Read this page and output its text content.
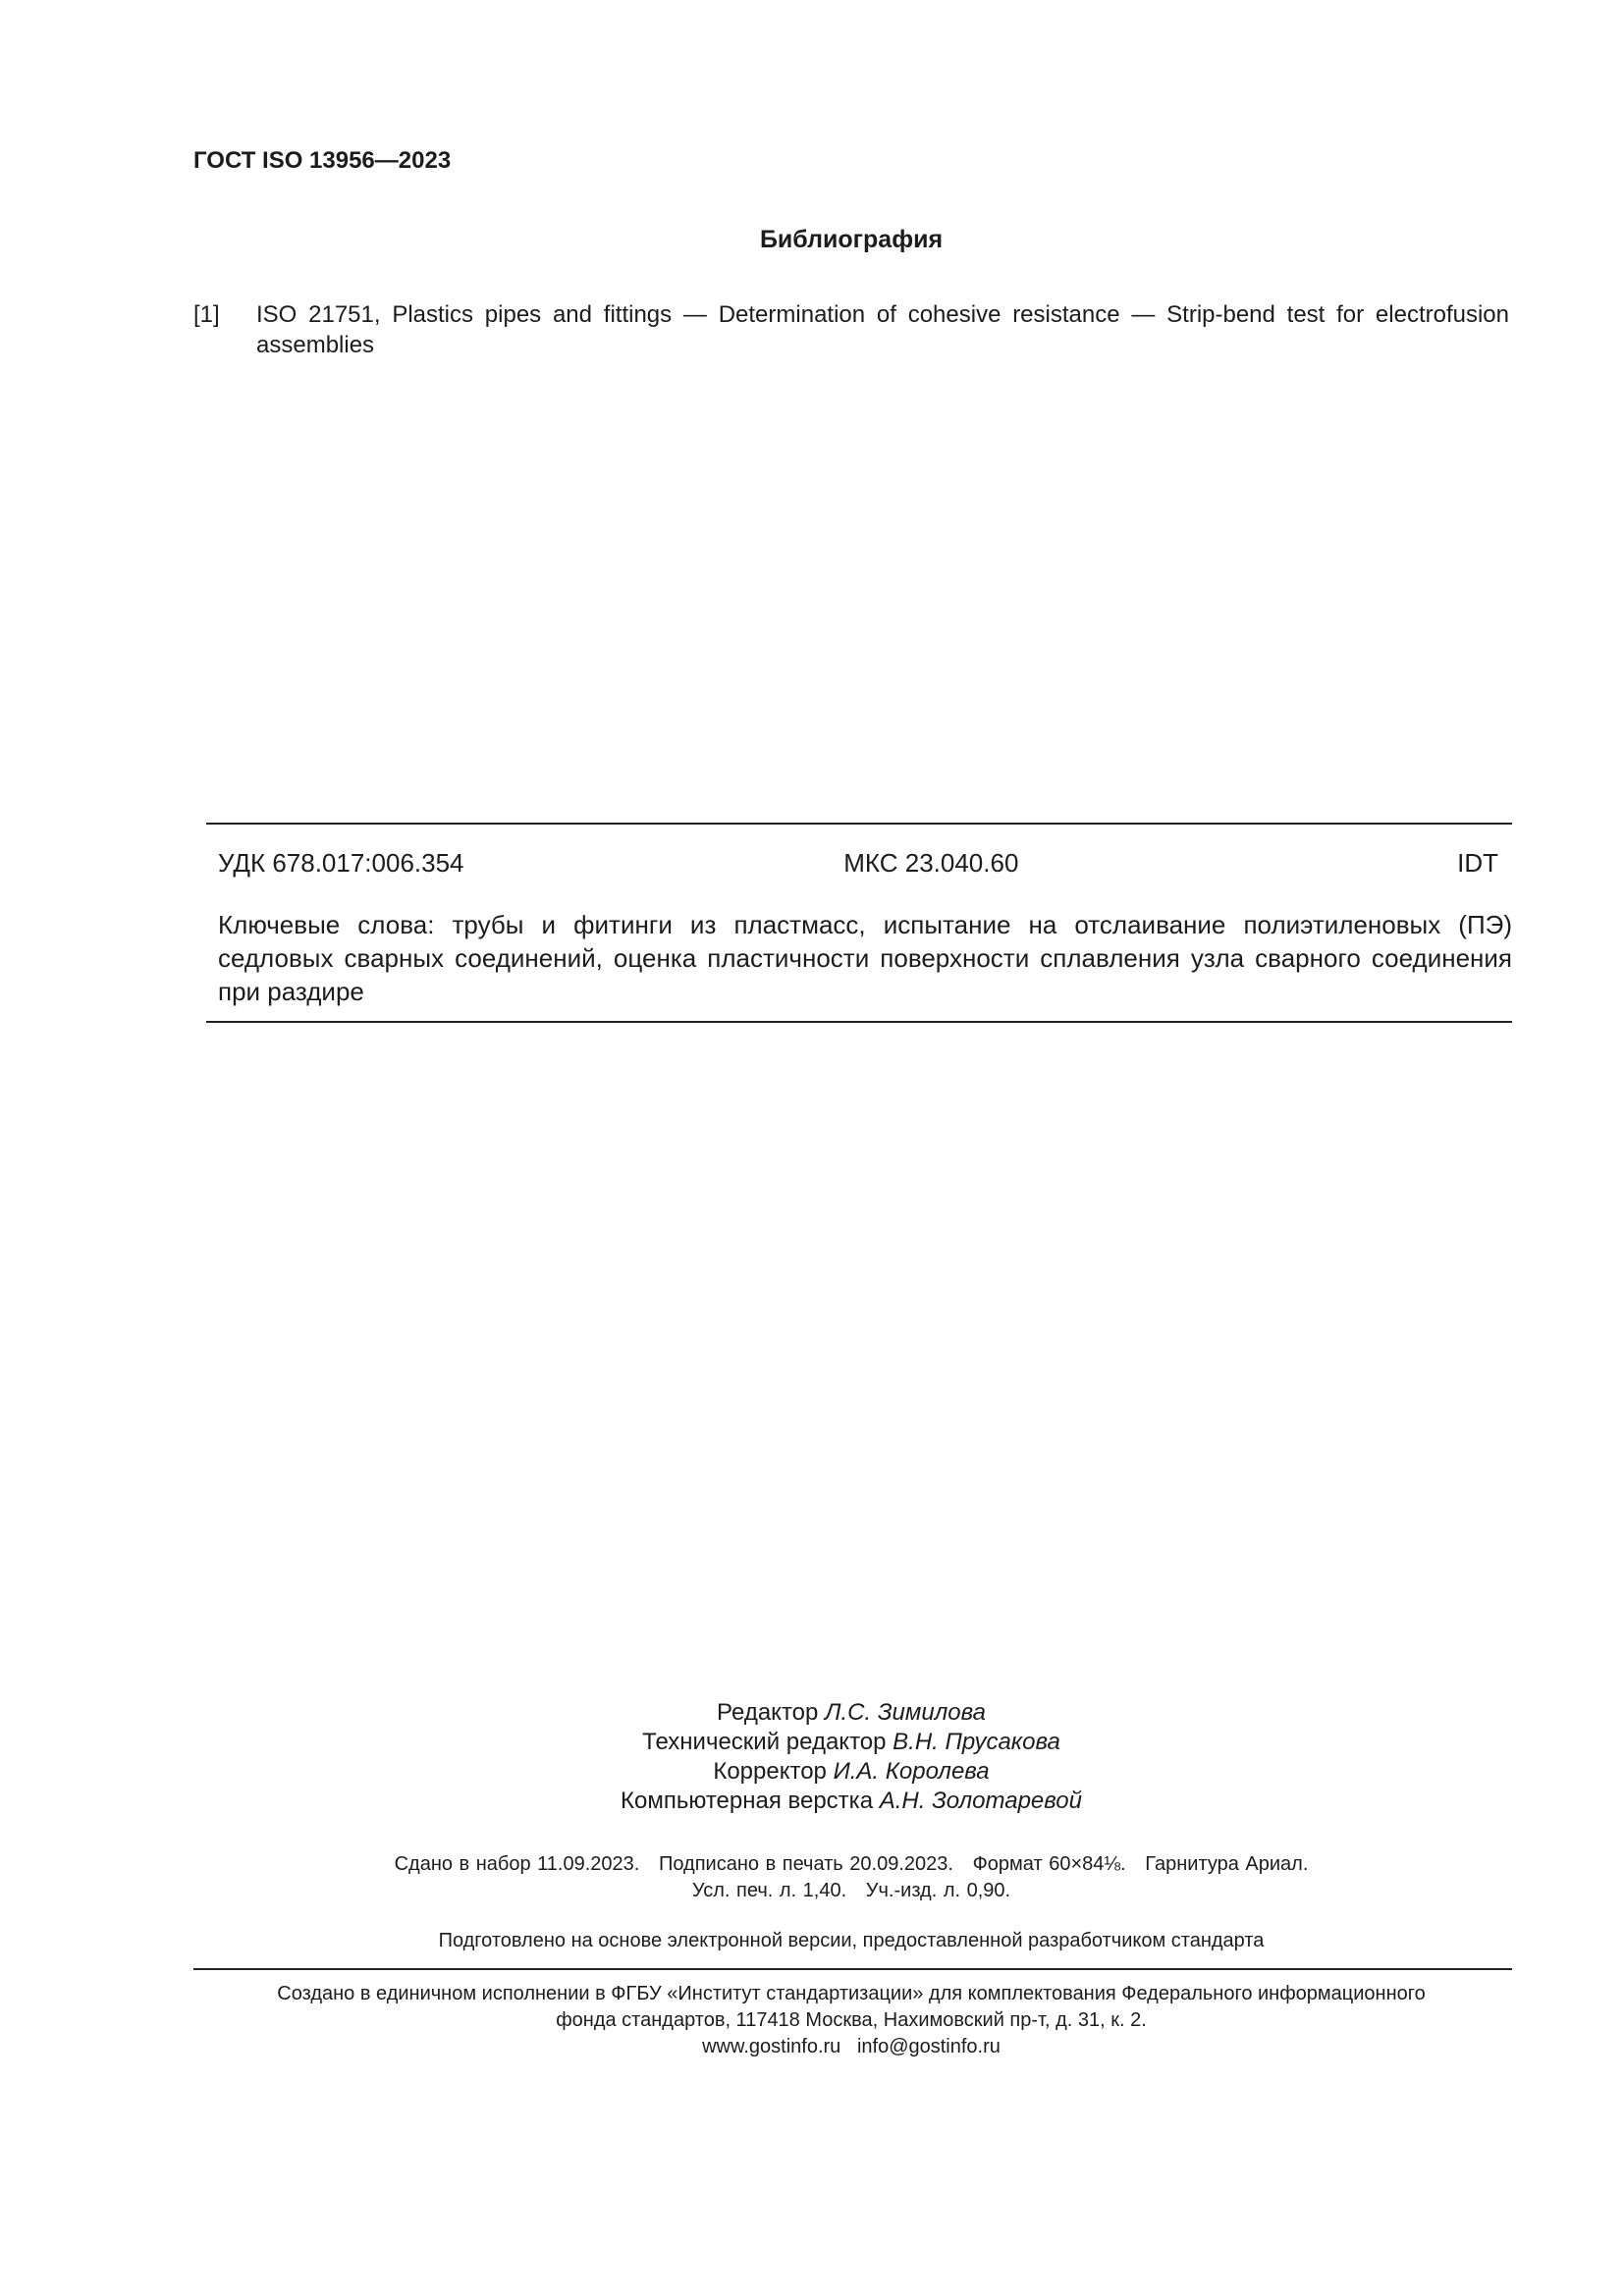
ГОСТ ISO 13956—2023
Библиография
[1]	ISO 21751, Plastics pipes and fittings — Determination of cohesive resistance — Strip-bend test for electrofusion assemblies
УДК 678.017:006.354	МКС 23.040.60	IDT
Ключевые слова: трубы и фитинги из пластмасс, испытание на отслаивание полиэтиленовых (ПЭ) седловых сварных соединений, оценка пластичности поверхности сплавления узла сварного соединения при раздире
Редактор Л.С. Зимилова
Технический редактор В.Н. Прусакова
Корректор И.А. Королева
Компьютерная верстка А.Н. Золотаревой
Сдано в набор 11.09.2023.   Подписано в печать 20.09.2023.   Формат 60×84⅛.   Гарнитура Ариал.
Усл. печ. л. 1,40.   Уч.-изд. л. 0,90.
Подготовлено на основе электронной версии, предоставленной разработчиком стандарта
Создано в единичном исполнении в ФГБУ «Институт стандартизации» для комплектования Федерального информационного
фонда стандартов, 117418 Москва, Нахимовский пр-т, д. 31, к. 2.
www.gostinfo.ru   info@gostinfo.ru
